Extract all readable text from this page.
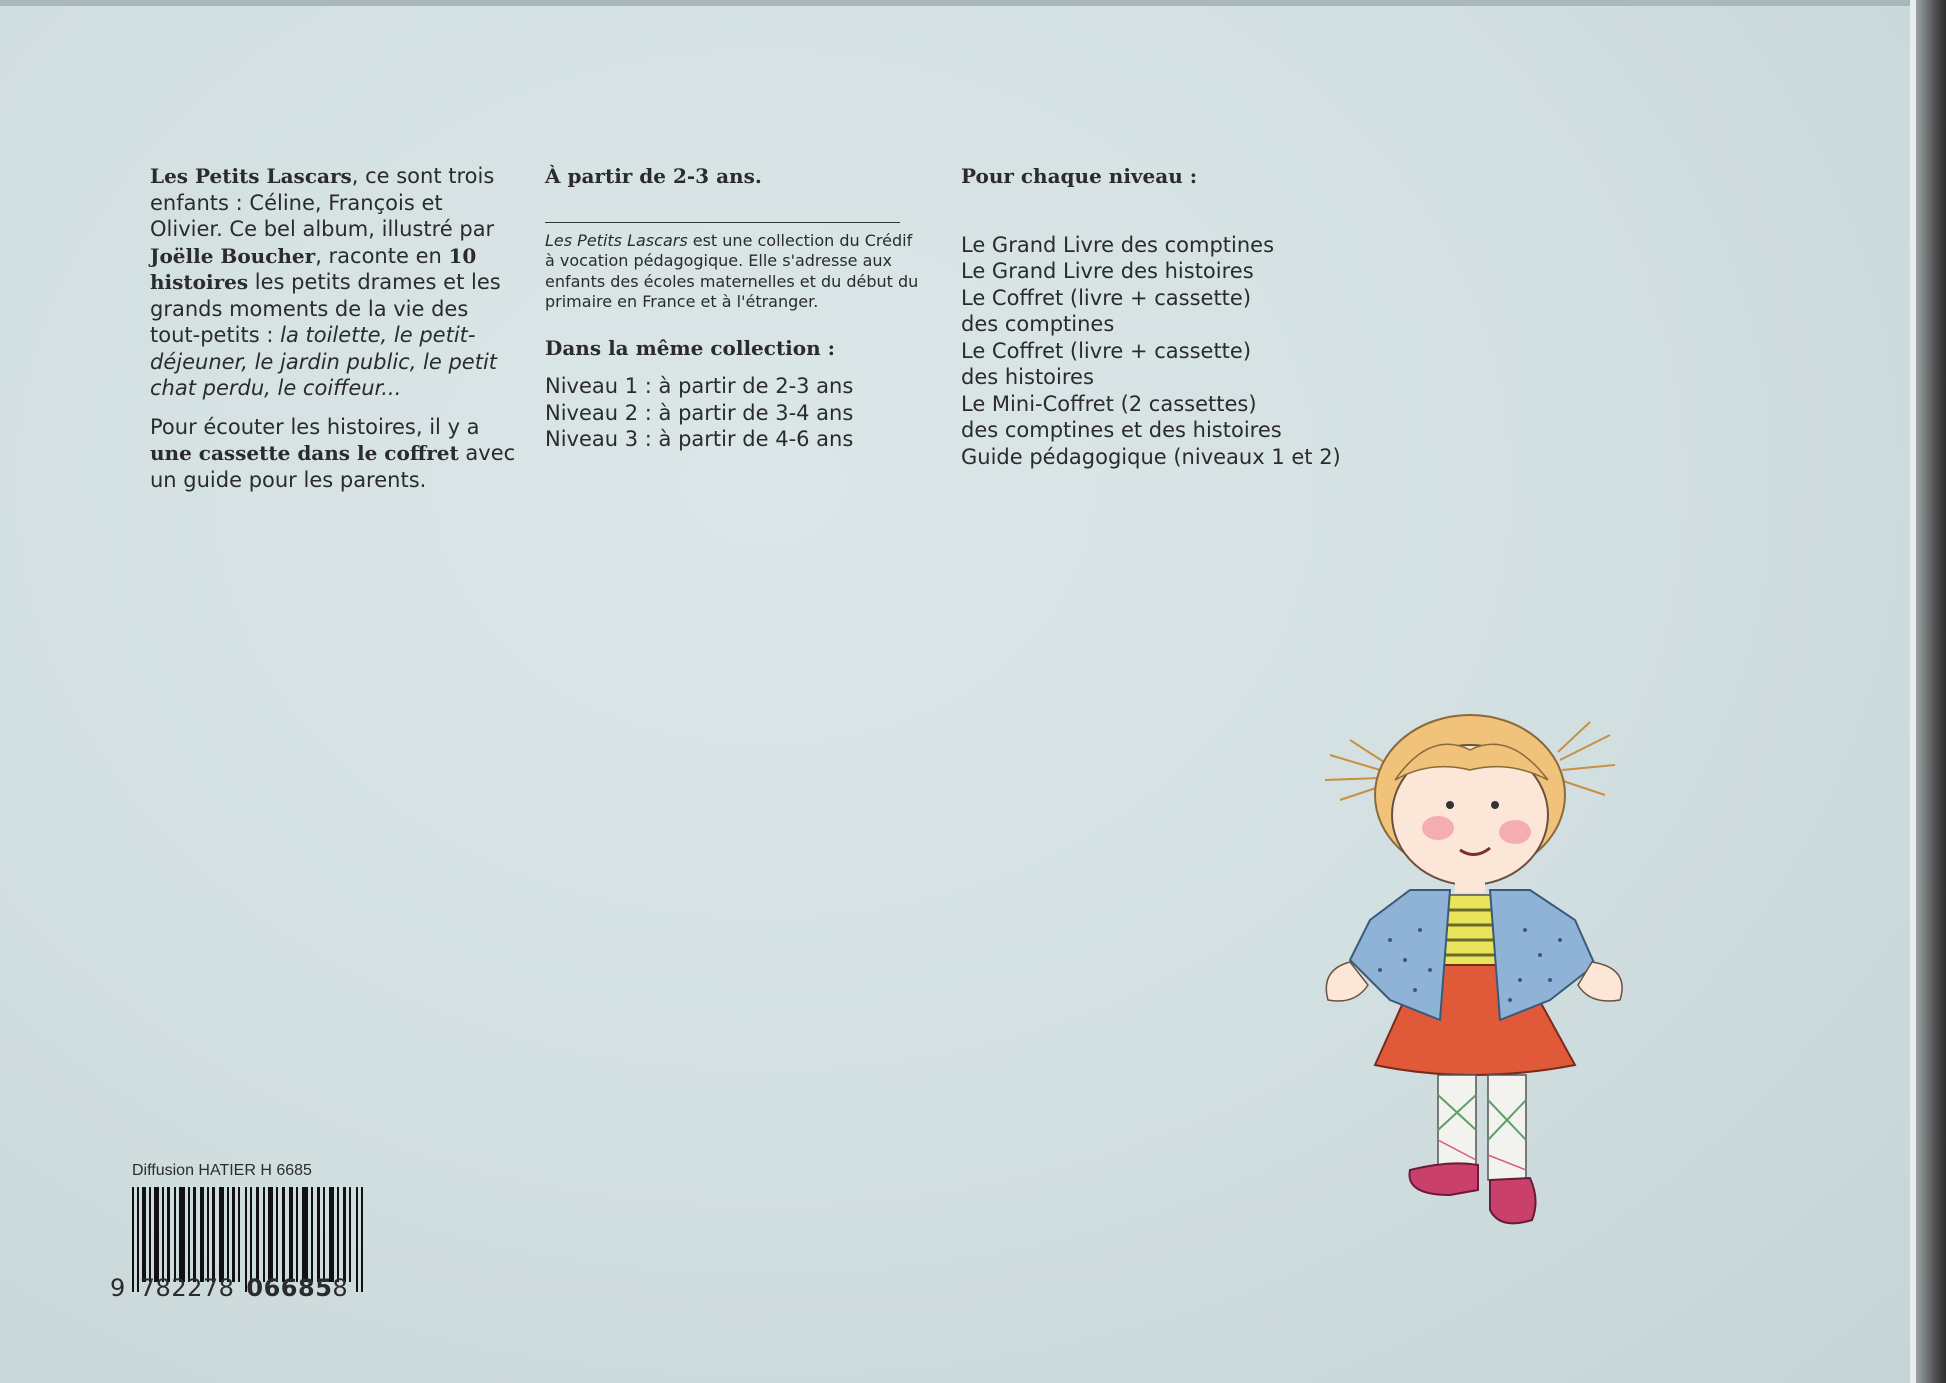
Les Petits Lascars, ce sont trois enfants : Céline, François et Olivier. Ce bel album, illustré par Joëlle Boucher, raconte en 10 histoires les petits drames et les grands moments de la vie des tout-petits : la toilette, le petit-déjeuner, le jardin public, le petit chat perdu, le coiffeur...

Pour écouter les histoires, il y a une cassette dans le coffret avec un guide pour les parents.

À partir de 2-3 ans.

Les Petits Lascars est une collection du Crédif à vocation pédagogique. Elle s'adresse aux enfants des écoles maternelles et du début du primaire en France et à l'étranger.

Dans la même collection :

Niveau 1 : à partir de 2-3 ans
Niveau 2 : à partir de 3-4 ans
Niveau 3 : à partir de 4-6 ans

Pour chaque niveau :

Le Grand Livre des comptines
Le Grand Livre des histoires
Le Coffret (livre + cassette)
des comptines
Le Coffret (livre + cassette)
des histoires
Le Mini-Coffret (2 cassettes)
des comptines et des histoires
Guide pédagogique (niveaux 1 et 2)
Diffusion HATIER H 6685
9 782278 066858
